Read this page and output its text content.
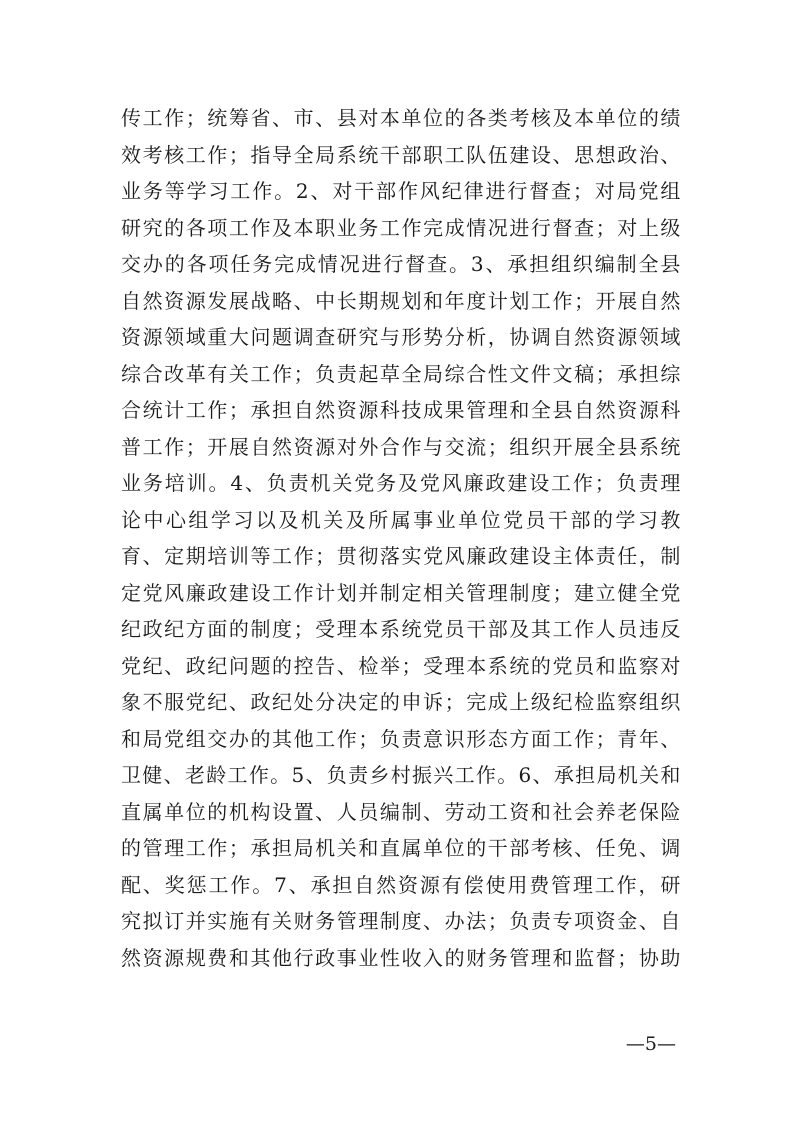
传工作；统筹省、市、县对本单位的各类考核及本单位的绩
效考核工作；指导全局系统干部职工队伍建设、思想政治、
业务等学习工作。2、对干部作风纪律进行督查；对局党组
研究的各项工作及本职业务工作完成情况进行督查；对上级
交办的各项任务完成情况进行督查。3、承担组织编制全县
自然资源发展战略、中长期规划和年度计划工作；开展自然
资源领域重大问题调查研究与形势分析，协调自然资源领域
综合改革有关工作；负责起草全局综合性文件文稿；承担综
合统计工作；承担自然资源科技成果管理和全县自然资源科
普工作；开展自然资源对外合作与交流；组织开展全县系统
业务培训。4、负责机关党务及党风廉政建设工作；负责理
论中心组学习以及机关及所属事业单位党员干部的学习教
育、定期培训等工作；贯彻落实党风廉政建设主体责任，制
定党风廉政建设工作计划并制定相关管理制度；建立健全党
纪政纪方面的制度；受理本系统党员干部及其工作人员违反
党纪、政纪问题的控告、检举；受理本系统的党员和监察对
象不服党纪、政纪处分决定的申诉；完成上级纪检监察组织
和局党组交办的其他工作；负责意识形态方面工作；青年、
卫健、老龄工作。5、负责乡村振兴工作。6、承担局机关和
直属单位的机构设置、人员编制、劳动工资和社会养老保险
的管理工作；承担局机关和直属单位的干部考核、任免、调
配、奖惩工作。7、承担自然资源有偿使用费管理工作，研
究拟订并实施有关财务管理制度、办法；负责专项资金、自
然资源规费和其他行政事业性收入的财务管理和监督；协助
—5—
